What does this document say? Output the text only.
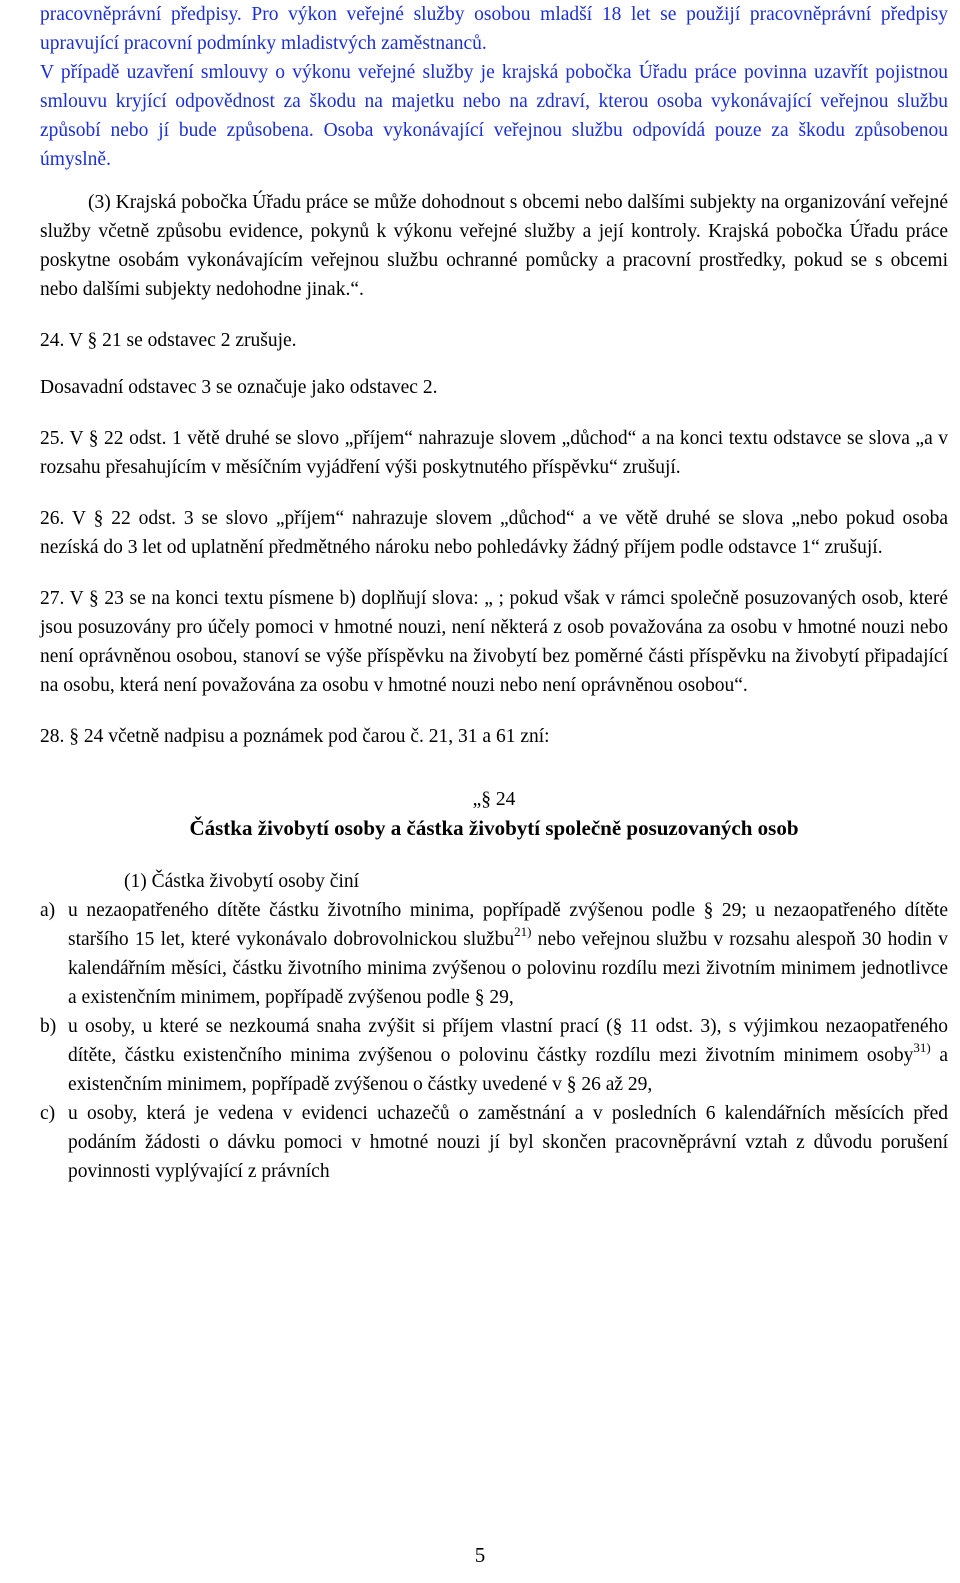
pracovněprávní předpisy. Pro výkon veřejné služby osobou mladší 18 let se použijí pracovněprávní předpisy upravující pracovní podmínky mladistvých zaměstnanců.

V případě uzavření smlouvy o výkonu veřejné služby je krajská pobočka Úřadu práce povinna uzavřít pojistnou smlouvu kryjící odpovědnost za škodu na majetku nebo na zdraví, kterou osoba vykonávající veřejnou službu způsobí nebo jí bude způsobena. Osoba vykonávající veřejnou službu odpovídá pouze za škodu způsobenou úmyslně.

(3) Krajská pobočka Úřadu práce se může dohodnout s obcemi nebo dalšími subjekty na organizování veřejné služby včetně způsobu evidence, pokynů k výkonu veřejné služby a její kontroly. Krajská pobočka Úřadu práce poskytne osobám vykonávajícím veřejnou službu ochranné pomůcky a pracovní prostředky, pokud se s obcemi nebo dalšími subjekty nedohodne jinak.“.

24. V § 21 se odstavec 2 zrušuje.

Dosavadní odstavec 3 se označuje jako odstavec 2.

25. V § 22 odst. 1 větě druhé se slovo „příjem“ nahrazuje slovem „důchod“ a na konci textu odstavce se slova „a v rozsahu přesahujícím v měsíčním vyjádření výši poskytnutého příspěvku“ zrušují.

26. V § 22 odst. 3 se slovo „příjem“ nahrazuje slovem „důchod“ a ve větě druhé se slova „nebo pokud osoba nezíská do 3 let od uplatnění předmětného nároku nebo pohledávky žádný příjem podle odstavce 1“ zrušují.

27. V § 23 se na konci textu písmene b) doplňují slova: „ ; pokud však v rámci společně posuzovaných osob, které jsou posuzovány pro účely pomoci v hmotné nouzi, není některá z osob považována za osobu v hmotné nouzi nebo není oprávněnou osobou, stanoví se výše příspěvku na živobytí bez poměrné části příspěvku na živobytí připadající na osobu, která není považována za osobu v hmotné nouzi nebo není oprávněnou osobou“.

28. § 24 včetně nadpisu a poznámek pod čarou č. 21, 31 a 61 zní:

„§ 24
Částka živobytí osoby a částka živobytí společně posuzovaných osob
(1) Částka živobytí osoby činí
a) u nezaopatřeného dítěte částku životního minima, popřípadě zvýšenou podle § 29; u nezaopatřeného dítěte staršího 15 let, které vykonávalo dobrovolnickou službu$^{21)}$ nebo veřejnou službu v rozsahu alespoň 30 hodin v kalendářním měsíci, částku životního minima zvýšenou o polovinu rozdílu mezi životním minimem jednotlivce a existenčním minimem, popřípadě zvýšenou podle § 29,
b) u osoby, u které se nezkoumá snaha zvýšit si příjem vlastní prací (§ 11 odst. 3), s výjimkou nezaopatřeného dítěte, částku existenčního minima zvýšenou o polovinu částky rozdílu mezi životním minimem osoby$^{31)}$ a existenčním minimem, popřípadě zvýšenou o částky uvedené v § 26 až 29,
c) u osoby, která je vedena v evidenci uchazečů o zaměstnání a v posledních 6 kalendářních měsících před podáním žádosti o dávku pomoci v hmotné nouzi jí byl skončen pracovněprávní vztah z důvodu porušení povinnosti vyplývající z právních
5
